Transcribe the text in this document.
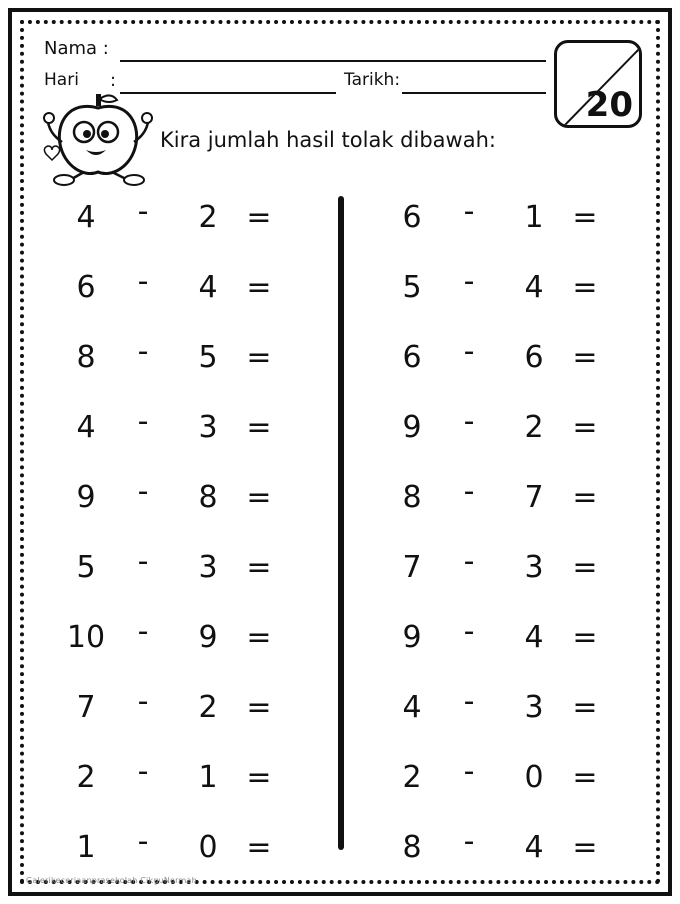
Nama :
Hari :	Tarikh:
20
Kira jumlah hasil tolak dibawah:
4	-	2 =
6	-	4 =
8	-	5 =
4	-	3 =
9	-	8 =
5	-	3 =
10	-	9 =
7	-	2 =
2	-	1 =
1	-	0 =
6	-	1 =
5	-	4 =
6	-	6 =
9	-	2 =
8	-	7 =
7	-	3 =
9	-	4 =
4	-	3 =
2	-	0 =
8	-	4 =
Galerikeceriaanprasekolah CikguNormah
